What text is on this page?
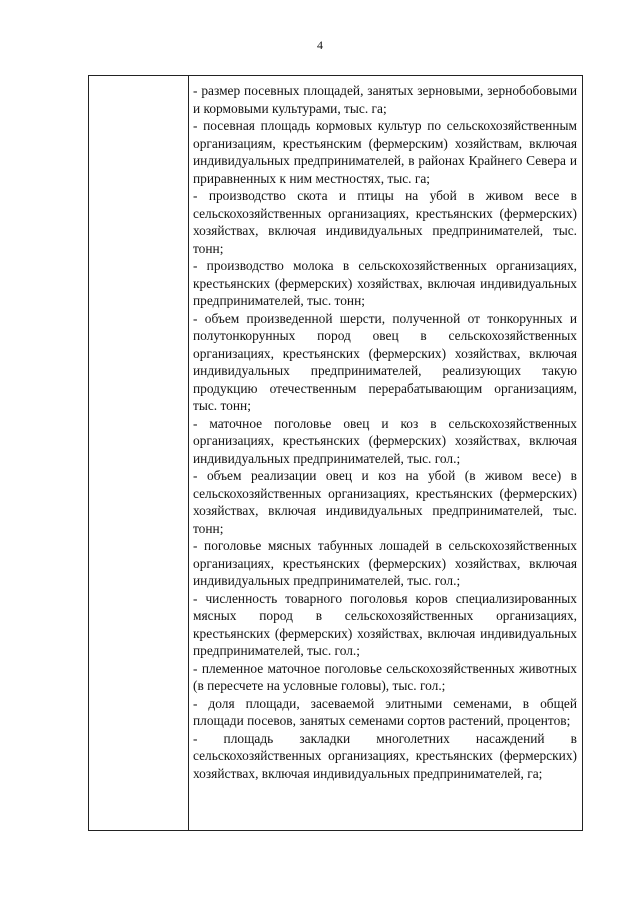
4

- размер посевных площадей, занятых зерновыми, зернобобовыми и кормовыми культурами, тыс. га;

- посевная площадь кормовых культур по сельскохозяйственным организациям, крестьянским (фермерским) хозяйствам, включая индивидуальных предпринимателей, в районах Крайнего Севера и приравненных к ним местностях, тыс. га;

- производство скота и птицы на убой в живом весе в сельскохозяйственных организациях, крестьянских (фермерских) хозяйствах, включая индивидуальных предпринимателей, тыс. тонн;

- производство молока в сельскохозяйственных организациях, крестьянских (фермерских) хозяйствах, включая индивидуальных предпринимателей, тыс. тонн;

- объем произведенной шерсти, полученной от тонкорунных и полутонкорунных пород овец в сельскохозяйственных организациях, крестьянских (фермерских) хозяйствах, включая индивидуальных предпринимателей, реализующих такую продукцию отечественным перерабатывающим организациям, тыс. тонн;

- маточное поголовье овец и коз в сельскохозяйственных организациях, крестьянских (фермерских) хозяйствах, включая индивидуальных предпринимателей, тыс. гол.;

- объем реализации овец и коз на убой (в живом весе) в сельскохозяйственных организациях, крестьянских (фермерских) хозяйствах, включая индивидуальных предпринимателей, тыс. тонн;

- поголовье мясных табунных лошадей в сельскохозяйственных организациях, крестьянских (фермерских) хозяйствах, включая индивидуальных предпринимателей, тыс. гол.;

- численность товарного поголовья коров специализированных мясных пород в сельскохозяйственных организациях, крестьянских (фермерских) хозяйствах, включая индивидуальных предпринимателей, тыс. гол.;

- племенное маточное поголовье сельскохозяйственных животных (в пересчете на условные головы), тыс. гол.;

- доля площади, засеваемой элитными семенами, в общей площади посевов, занятых семенами сортов растений, процентов;

- площадь закладки многолетних насаждений в сельскохозяйственных организациях, крестьянских (фермерских) хозяйствах, включая индивидуальных предпринимателей, га;
